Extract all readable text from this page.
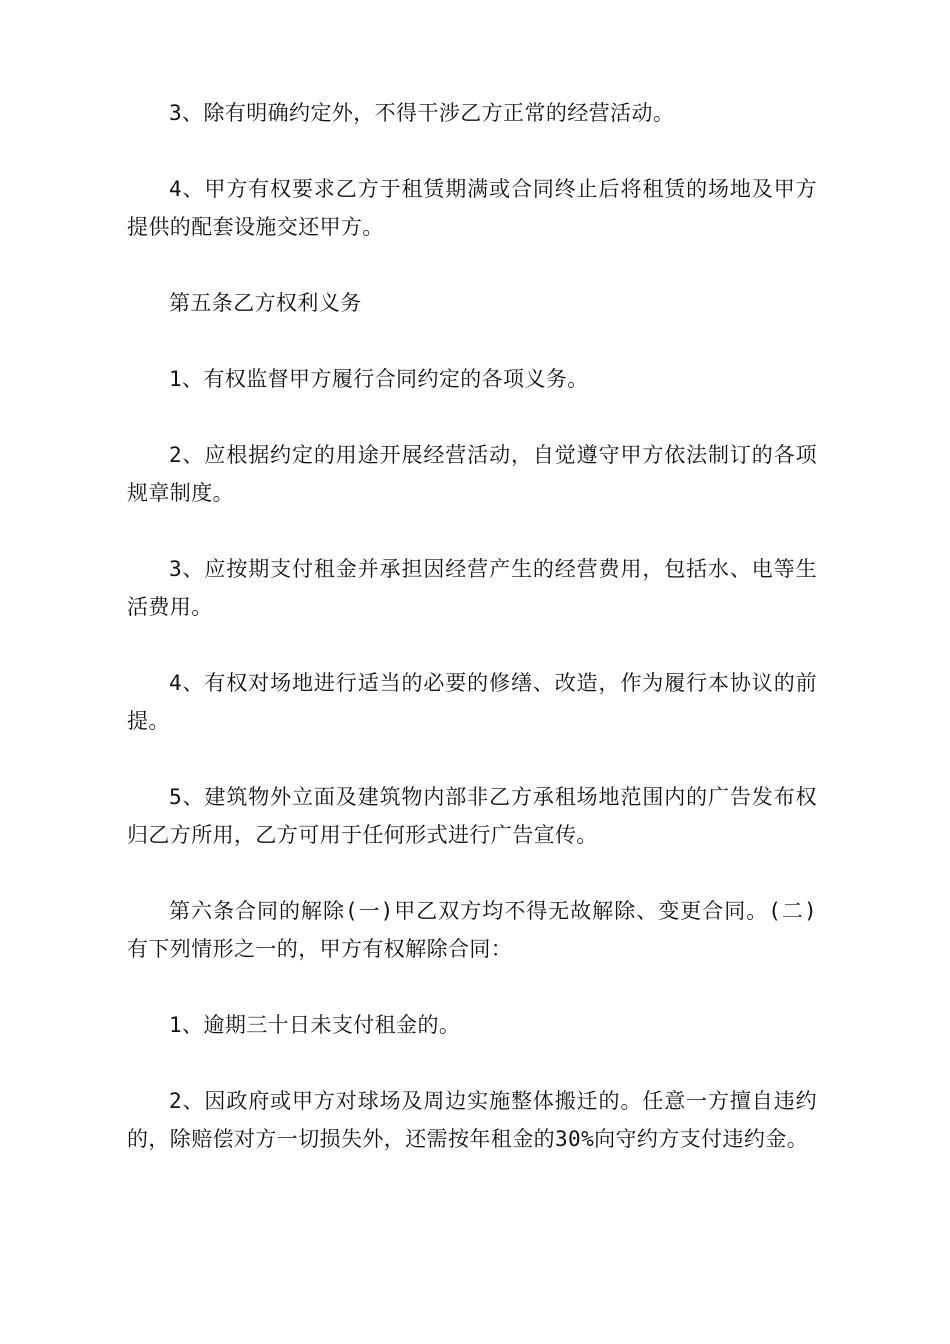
3、除有明确约定外，不得干涉乙方正常的经营活动。

4、甲方有权要求乙方于租赁期满或合同终止后将租赁的场地及甲方提供的配套设施交还甲方。

第五条乙方权利义务

1、有权监督甲方履行合同约定的各项义务。

2、应根据约定的用途开展经营活动，自觉遵守甲方依法制订的各项规章制度。

3、应按期支付租金并承担因经营产生的经营费用，包括水、电等生活费用。

4、有权对场地进行适当的必要的修缮、改造，作为履行本协议的前提。

5、建筑物外立面及建筑物内部非乙方承租场地范围内的广告发布权归乙方所用，乙方可用于任何形式进行广告宣传。

第六条合同的解除(一)甲乙双方均不得无故解除、变更合同。(二)有下列情形之一的，甲方有权解除合同：

1、逾期三十日未支付租金的。

2、因政府或甲方对球场及周边实施整体搬迁的。任意一方擅自违约的，除赔偿对方一切损失外，还需按年租金的30%向守约方支付违约金。
